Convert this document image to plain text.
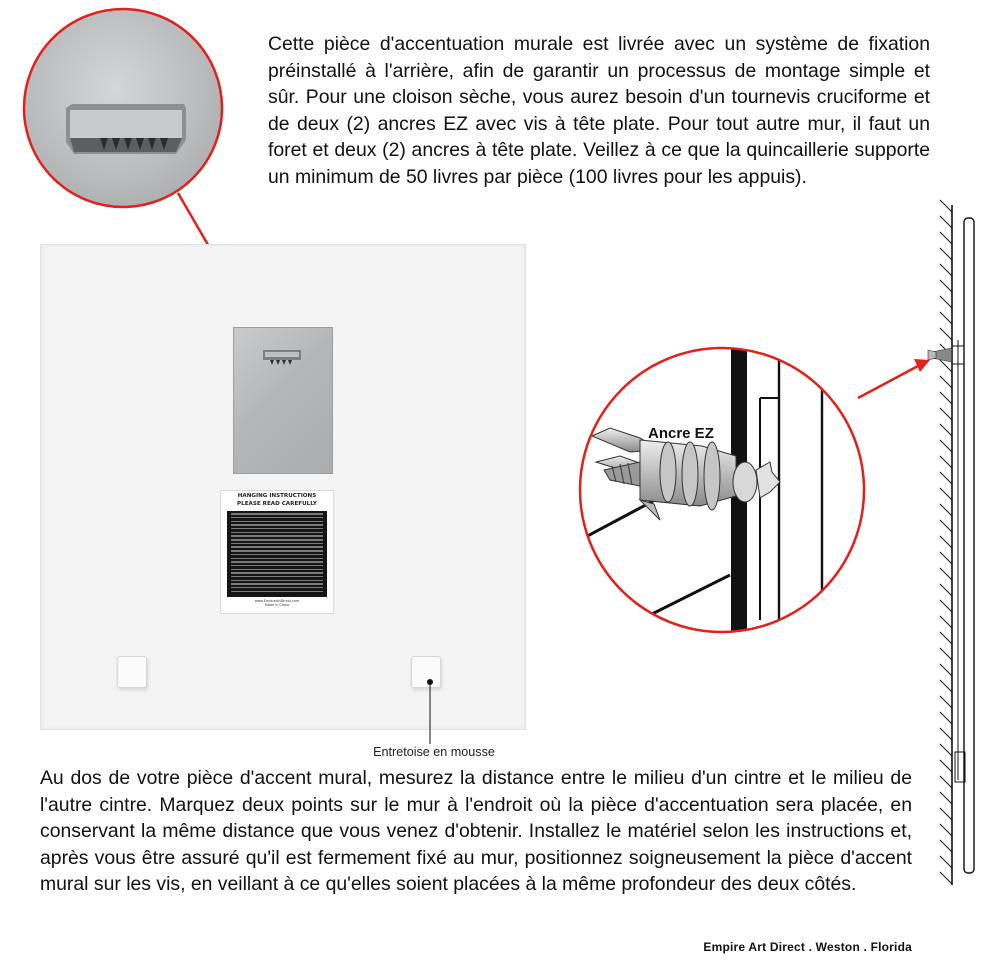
Cette pièce d'accentuation murale est livrée avec un système de fixation préinstallé à l'arrière, afin de garantir un processus de montage simple et sûr. Pour une cloison sèche, vous aurez besoin d'un tournevis cruciforme et de deux (2) ancres EZ avec vis à tête plate. Pour tout autre mur, il faut un foret et deux (2) ancres à tête plate. Veillez à ce que la quincaillerie supporte un minimum de 50 livres par pièce (100 livres pour les appuis).

HANGING INSTRUCTIONS
PLEASE READ CAREFULLY
www.EmpireArtDirect.com
Made in China
Entretoise en mousse
Ancre EZ

Au dos de votre pièce d'accent mural, mesurez la distance entre le milieu d'un cintre et le milieu de l'autre cintre. Marquez deux points sur le mur à l'endroit où la pièce d'accentuation sera placée, en conservant la même distance que vous venez d'obtenir. Installez le matériel selon les instructions et, après vous être assuré qu'il est fermement fixé au mur, positionnez soigneusement la pièce d'accent mural sur les vis, en veillant à ce qu'elles soient placées à la même profondeur des deux côtés.

Empire Art Direct . Weston . Florida
